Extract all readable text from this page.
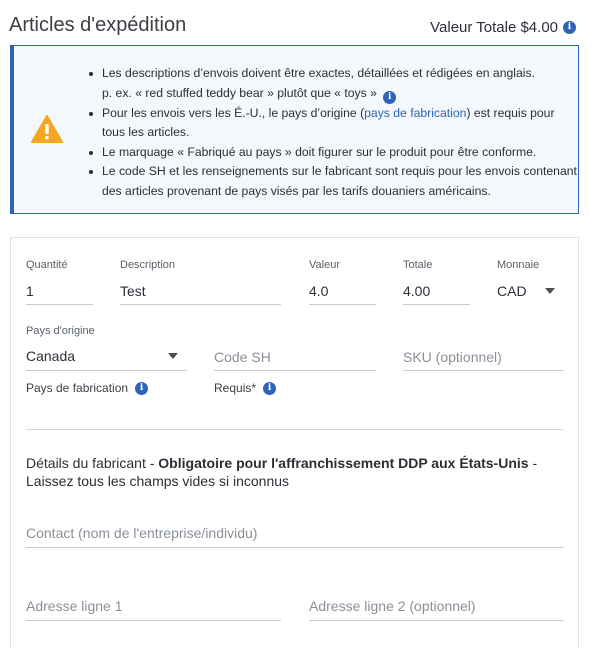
Articles d'expédition	Valeur Totale $4.00	i
Les descriptions d’envois doivent être exactes, détaillées et rédigées en anglais.
p. ex. « red stuffed teddy bear » plutôt que « toys » i
Pour les envois vers les É.-U., le pays d’origine (pays de fabrication) est requis pour tous les articles.
Le marquage « Fabriqué au pays » doit figurer sur le produit pour être conforme.
Le code SH et les renseignements sur le fabricant sont requis pour les envois contenant des articles provenant de pays visés par les tarifs douaniers américains.
Quantité
1
Description
Test
Valeur
4.0
Totale
4.00
Monnaie
CAD
Pays d'origine
Canada	Code SH	SKU (optionnel)
Pays de fabrication	i	Requis*	i
Détails du fabricant - Obligatoire pour l'affranchissement DDP aux États-Unis - Laissez tous les champs vides si inconnus
Contact (nom de l'entreprise/individu)
Adresse ligne 1	Adresse ligne 2 (optionnel)
